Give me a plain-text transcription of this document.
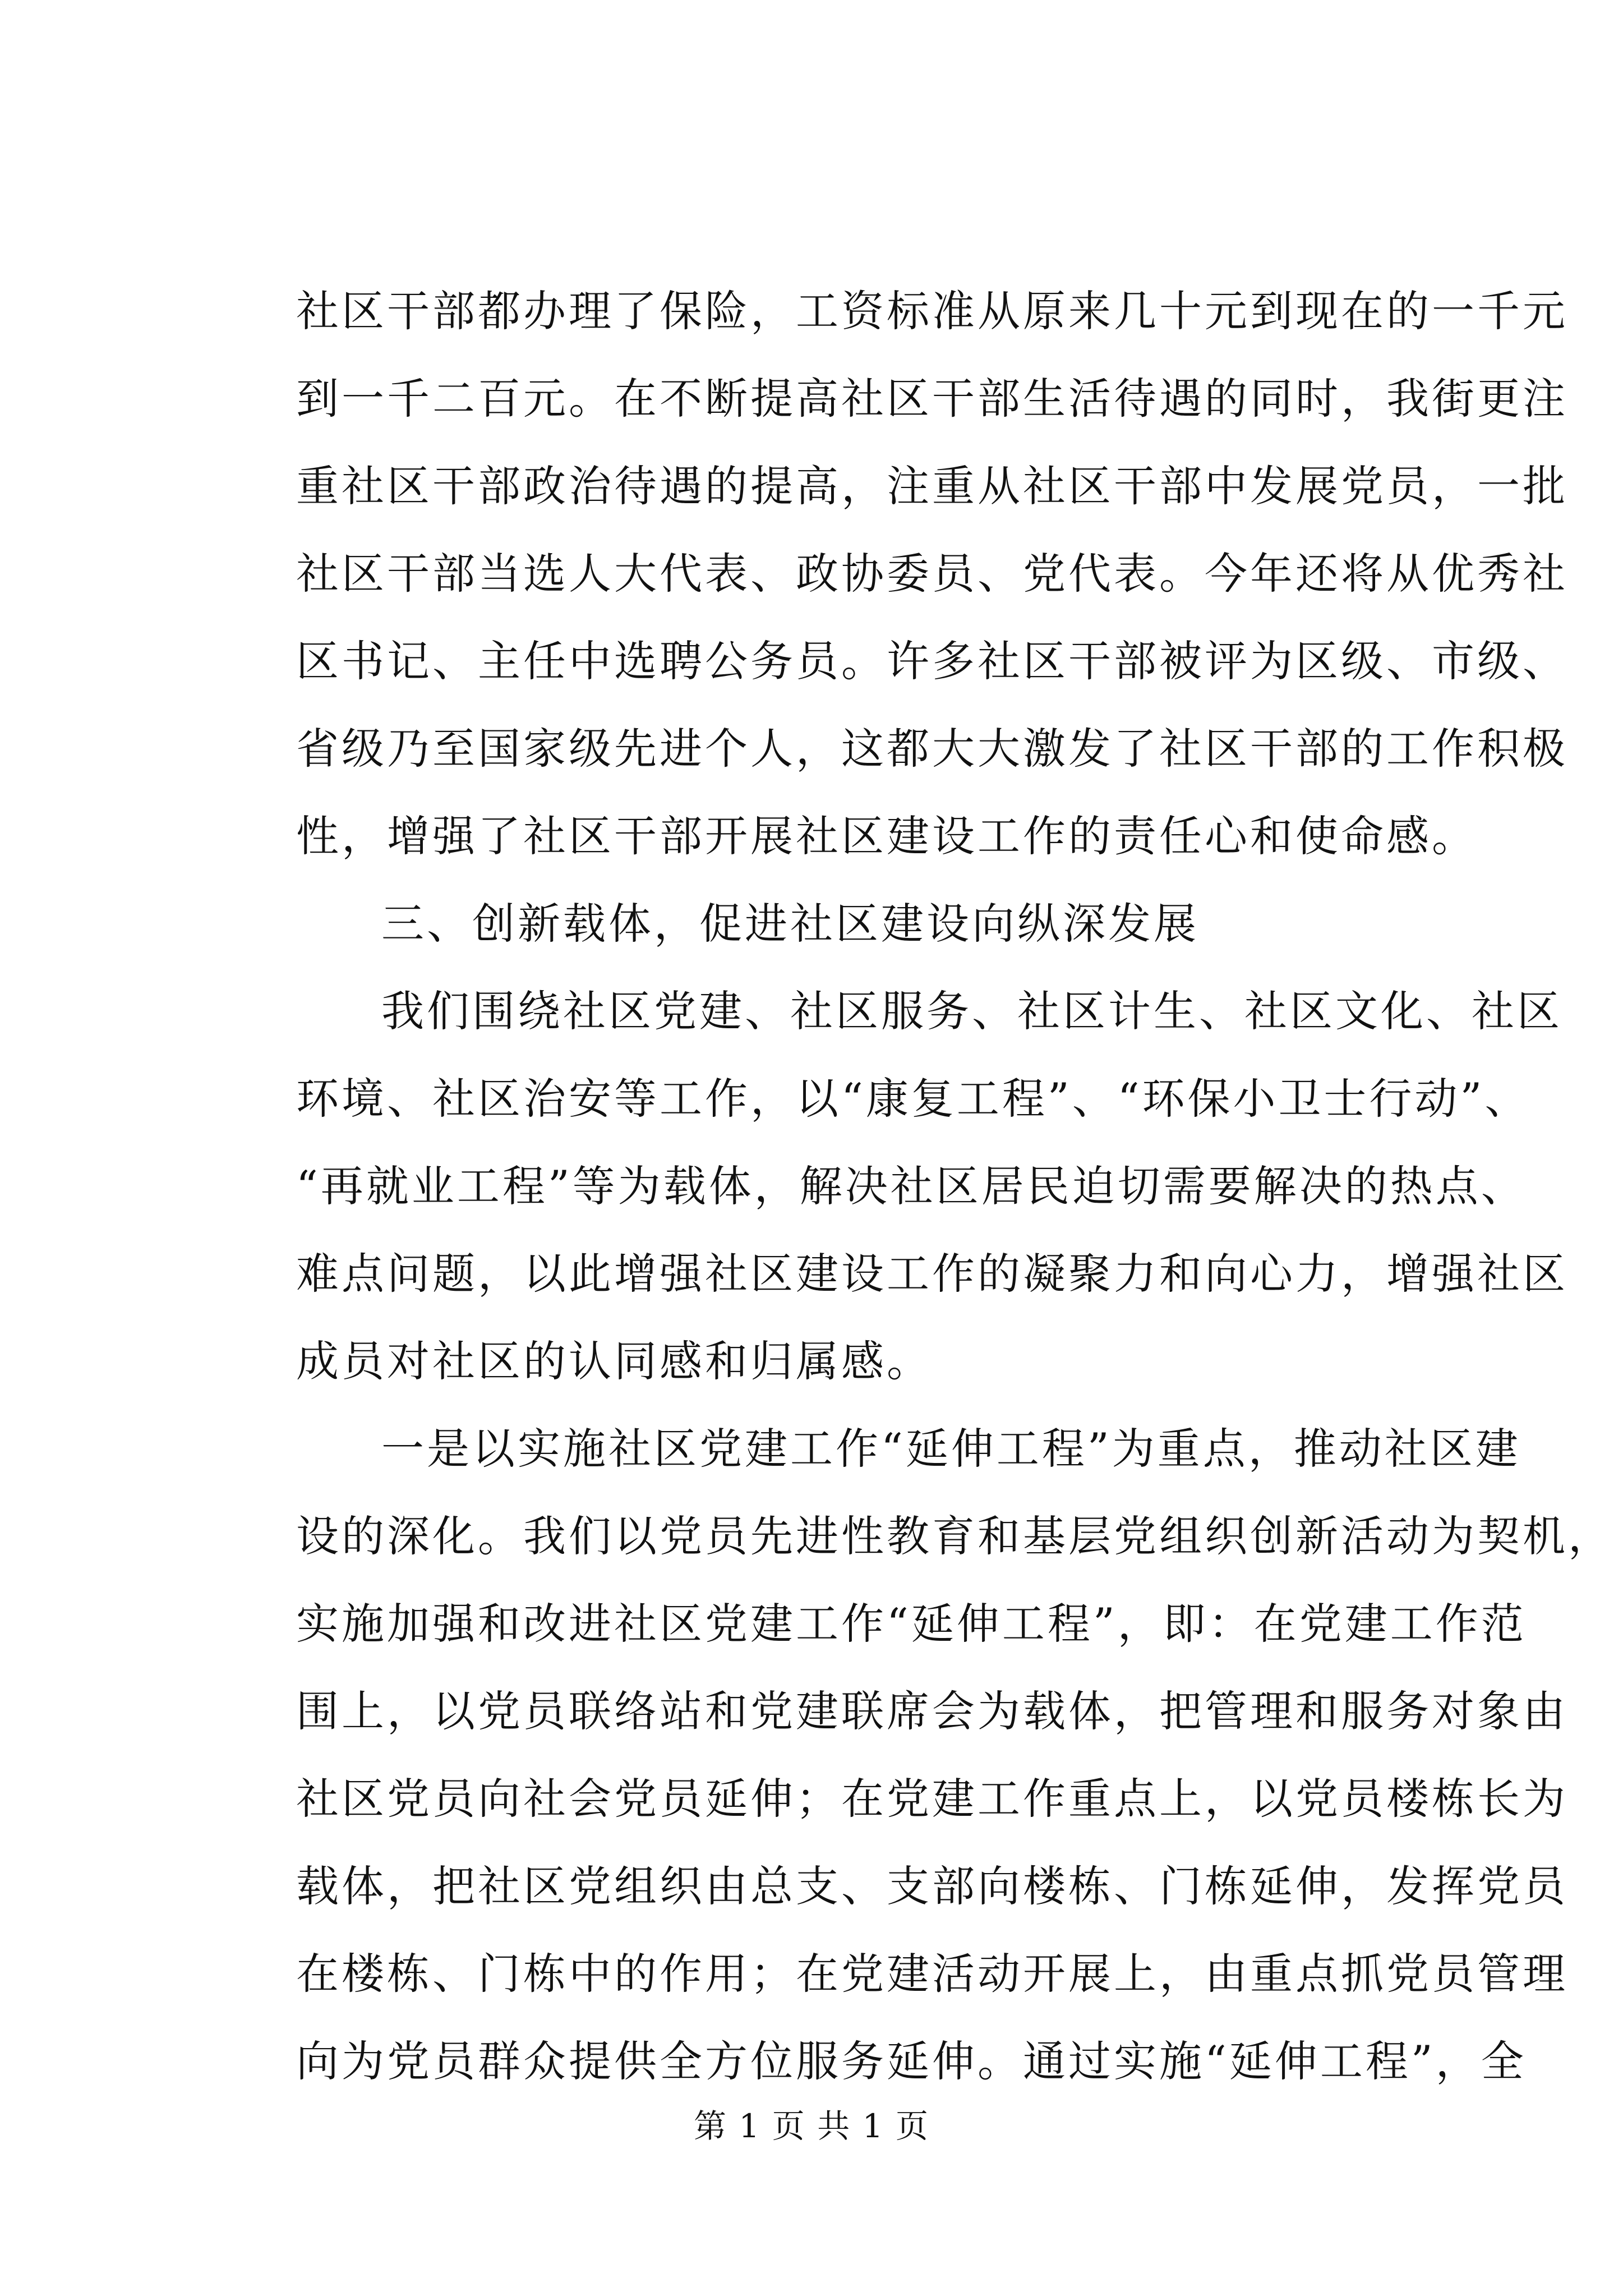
社区干部都办理了保险，工资标准从原来几十元到现在的一千元
到一千二百元。在不断提高社区干部生活待遇的同时，我街更注
重社区干部政治待遇的提高，注重从社区干部中发展党员，一批
社区干部当选人大代表、政协委员、党代表。今年还将从优秀社
区书记、主任中选聘公务员。许多社区干部被评为区级、市级、
省级乃至国家级先进个人，这都大大激发了社区干部的工作积极
性，增强了社区干部开展社区建设工作的责任心和使命感。
三、创新载体，促进社区建设向纵深发展
我们围绕社区党建、社区服务、社区计生、社区文化、社区
环境、社区治安等工作，以“康复工程”、“环保小卫士行动”、
“再就业工程”等为载体，解决社区居民迫切需要解决的热点、
难点问题，以此增强社区建设工作的凝聚力和向心力，增强社区
成员对社区的认同感和归属感。
一是以实施社区党建工作“延伸工程”为重点，推动社区建
设的深化。我们以党员先进性教育和基层党组织创新活动为契机，
实施加强和改进社区党建工作“延伸工程”，即：在党建工作范
围上，以党员联络站和党建联席会为载体，把管理和服务对象由
社区党员向社会党员延伸；在党建工作重点上，以党员楼栋长为
载体，把社区党组织由总支、支部向楼栋、门栋延伸，发挥党员
在楼栋、门栋中的作用；在党建活动开展上，由重点抓党员管理
向为党员群众提供全方位服务延伸。通过实施“延伸工程”，全
第 1 页 共 1 页
